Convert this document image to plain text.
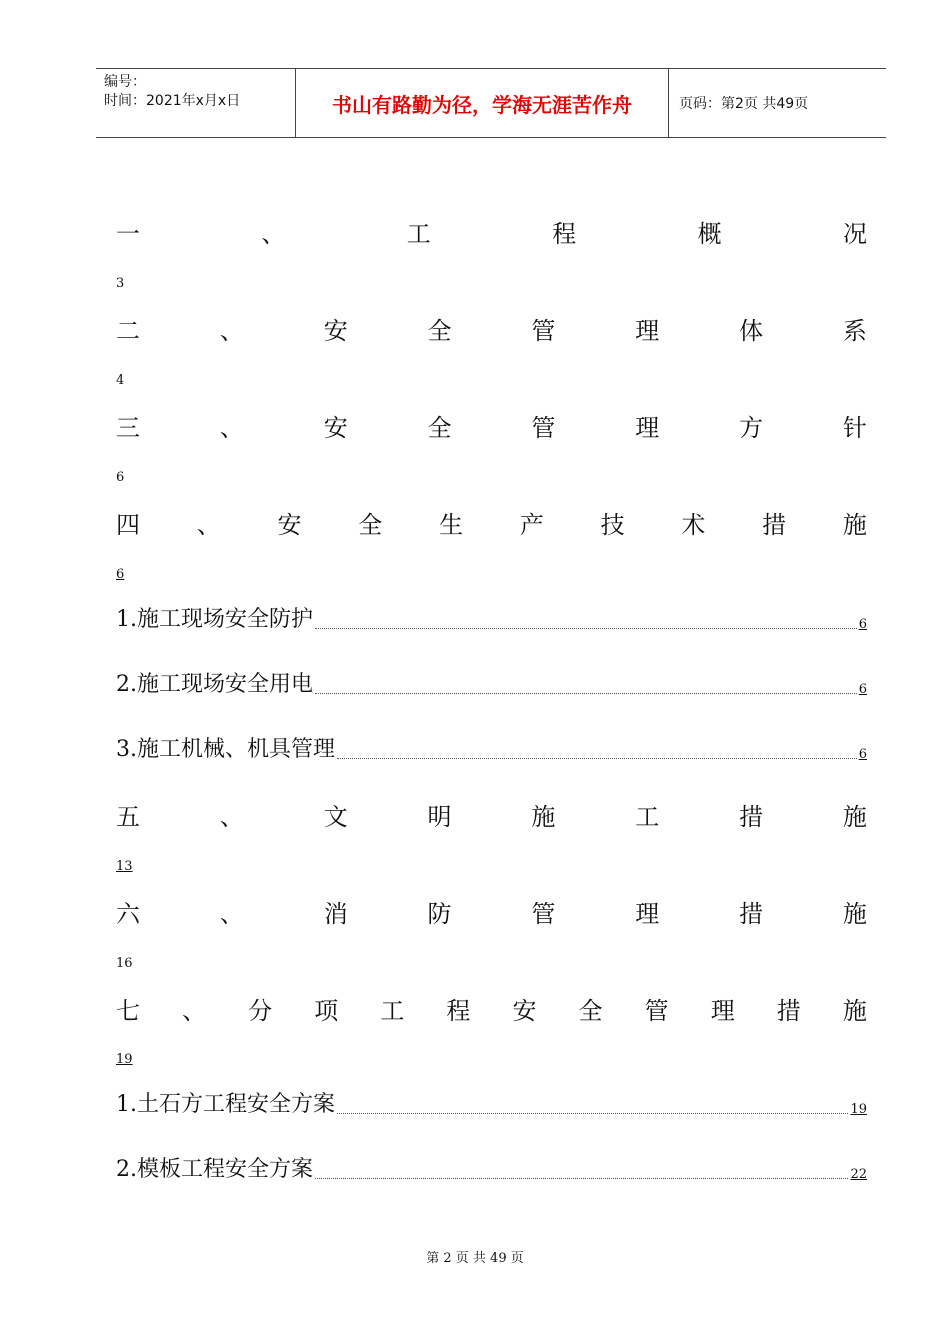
编号：
时间：2021年x月x日	书山有路勤为径，学海无涯苦作舟	页码：第2页 共49页
一	、	工	程	概	况
3
二	、	安	全	管	理	体	系
4
三	、	安	全	管	理	方	针
6
四 、 安 全 生 产 技 术 措 施
6
1.施工现场安全防护	6
2.施工现场安全用电	6
3.施工机械、机具管理	6
五	、	文	明	施	工	措	施
13
六	、	消	防	管	理	措	施
16
七 、 分 项 工 程 安 全 管 理 措 施
19
1.土石方工程安全方案	19
2.模板工程安全方案	22
第 2 页 共 49 页
